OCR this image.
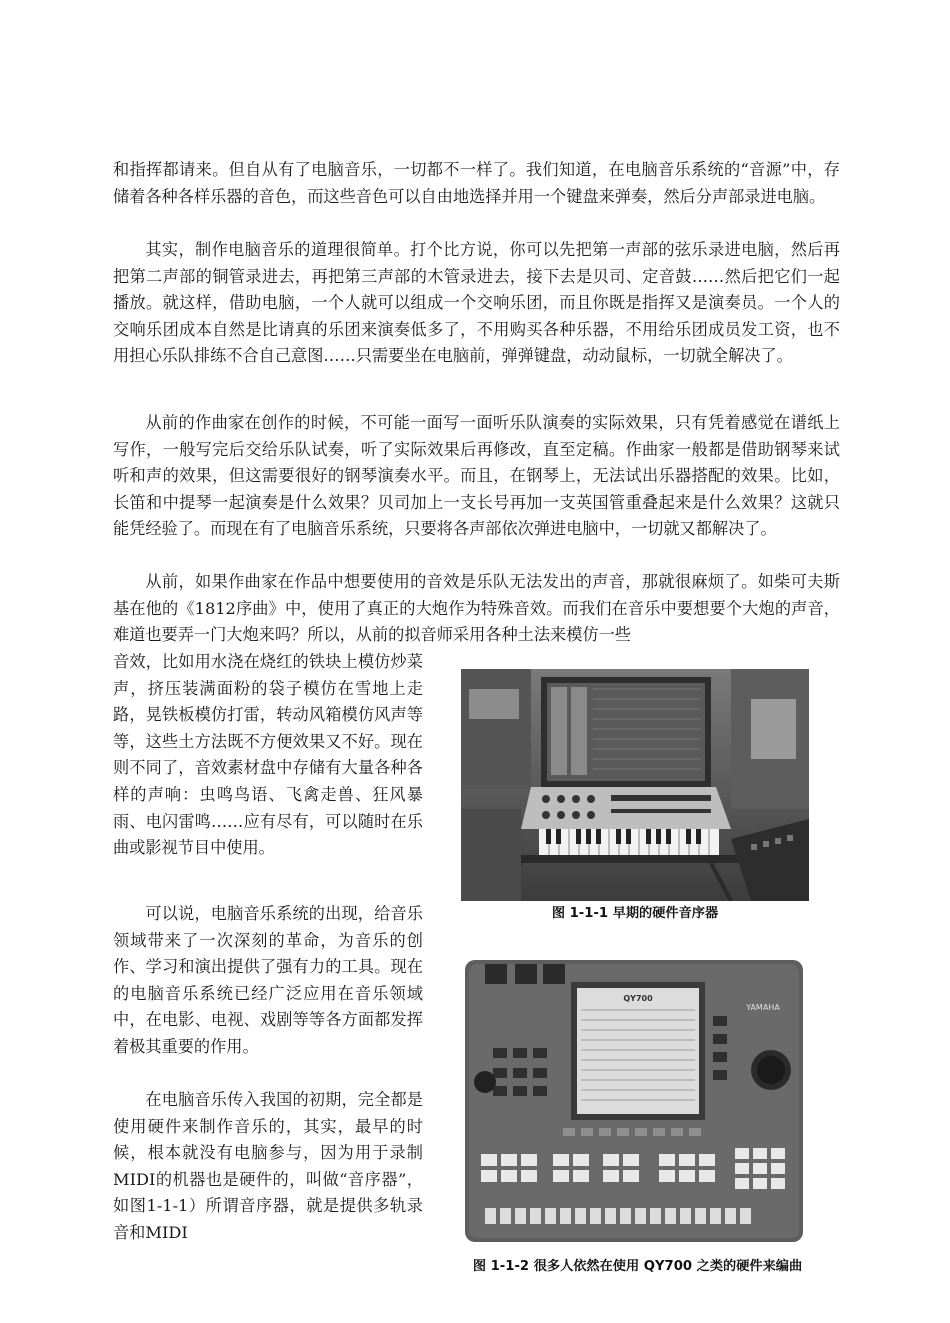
和指挥都请来。但自从有了电脑音乐，一切都不一样了。我们知道，在电脑音乐系统的“音源”中，存储着各种各样乐器的音色，而这些音色可以自由地选择并用一个键盘来弹奏，然后分声部录进电脑。

其实，制作电脑音乐的道理很简单。打个比方说，你可以先把第一声部的弦乐录进电脑，然后再把第二声部的铜管录进去，再把第三声部的木管录进去，接下去是贝司、定音鼓……然后把它们一起播放。就这样，借助电脑，一个人就可以组成一个交响乐团，而且你既是指挥又是演奏员。一个人的交响乐团成本自然是比请真的乐团来演奏低多了，不用购买各种乐器，不用给乐团成员发工资，也不用担心乐队排练不合自己意图……只需要坐在电脑前，弹弹键盘，动动鼠标，一切就全解决了。

从前的作曲家在创作的时候，不可能一面写一面听乐队演奏的实际效果，只有凭着感觉在谱纸上写作，一般写完后交给乐队试奏，听了实际效果后再修改，直至定稿。作曲家一般都是借助钢琴来试听和声的效果，但这需要很好的钢琴演奏水平。而且，在钢琴上，无法试出乐器搭配的效果。比如，长笛和中提琴一起演奏是什么效果？贝司加上一支长号再加一支英国管重叠起来是什么效果？这就只能凭经验了。而现在有了电脑音乐系统，只要将各声部依次弹进电脑中，一切就又都解决了。

从前，如果作曲家在作品中想要使用的音效是乐队无法发出的声音，那就很麻烦了。如柴可夫斯基在他的《1812序曲》中，使用了真正的大炮作为特殊音效。而我们在音乐中要想要个大炮的声音，难道也要弄一门大炮来吗？所以，从前的拟音师采用各种土法来模仿一些

音效，比如用水浇在烧红的铁块上模仿炒菜声，挤压装满面粉的袋子模仿在雪地上走路，晃铁板模仿打雷，转动风箱模仿风声等等，这些土方法既不方便效果又不好。现在则不同了，音效素材盘中存储有大量各种各样的声响：虫鸣鸟语、飞禽走兽、狂风暴雨、电闪雷鸣……应有尽有，可以随时在乐曲或影视节目中使用。

可以说，电脑音乐系统的出现，给音乐领域带来了一次深刻的革命，为音乐的创作、学习和演出提供了强有力的工具。现在的电脑音乐系统已经广泛应用在音乐领域中，在电影、电视、戏剧等等各方面都发挥着极其重要的作用。

在电脑音乐传入我国的初期，完全都是使用硬件来制作音乐的，其实，最早的时候，根本就没有电脑参与，因为用于录制MIDI的机器也是硬件的，叫做“音序器”，如图1-1-1）所谓音序器，就是提供多轨录音和MIDI

图 1-1-1 早期的硬件音序器
QY700
YAMAHA
图 1-1-2 很多人依然在使用 QY700 之类的硬件来编曲
